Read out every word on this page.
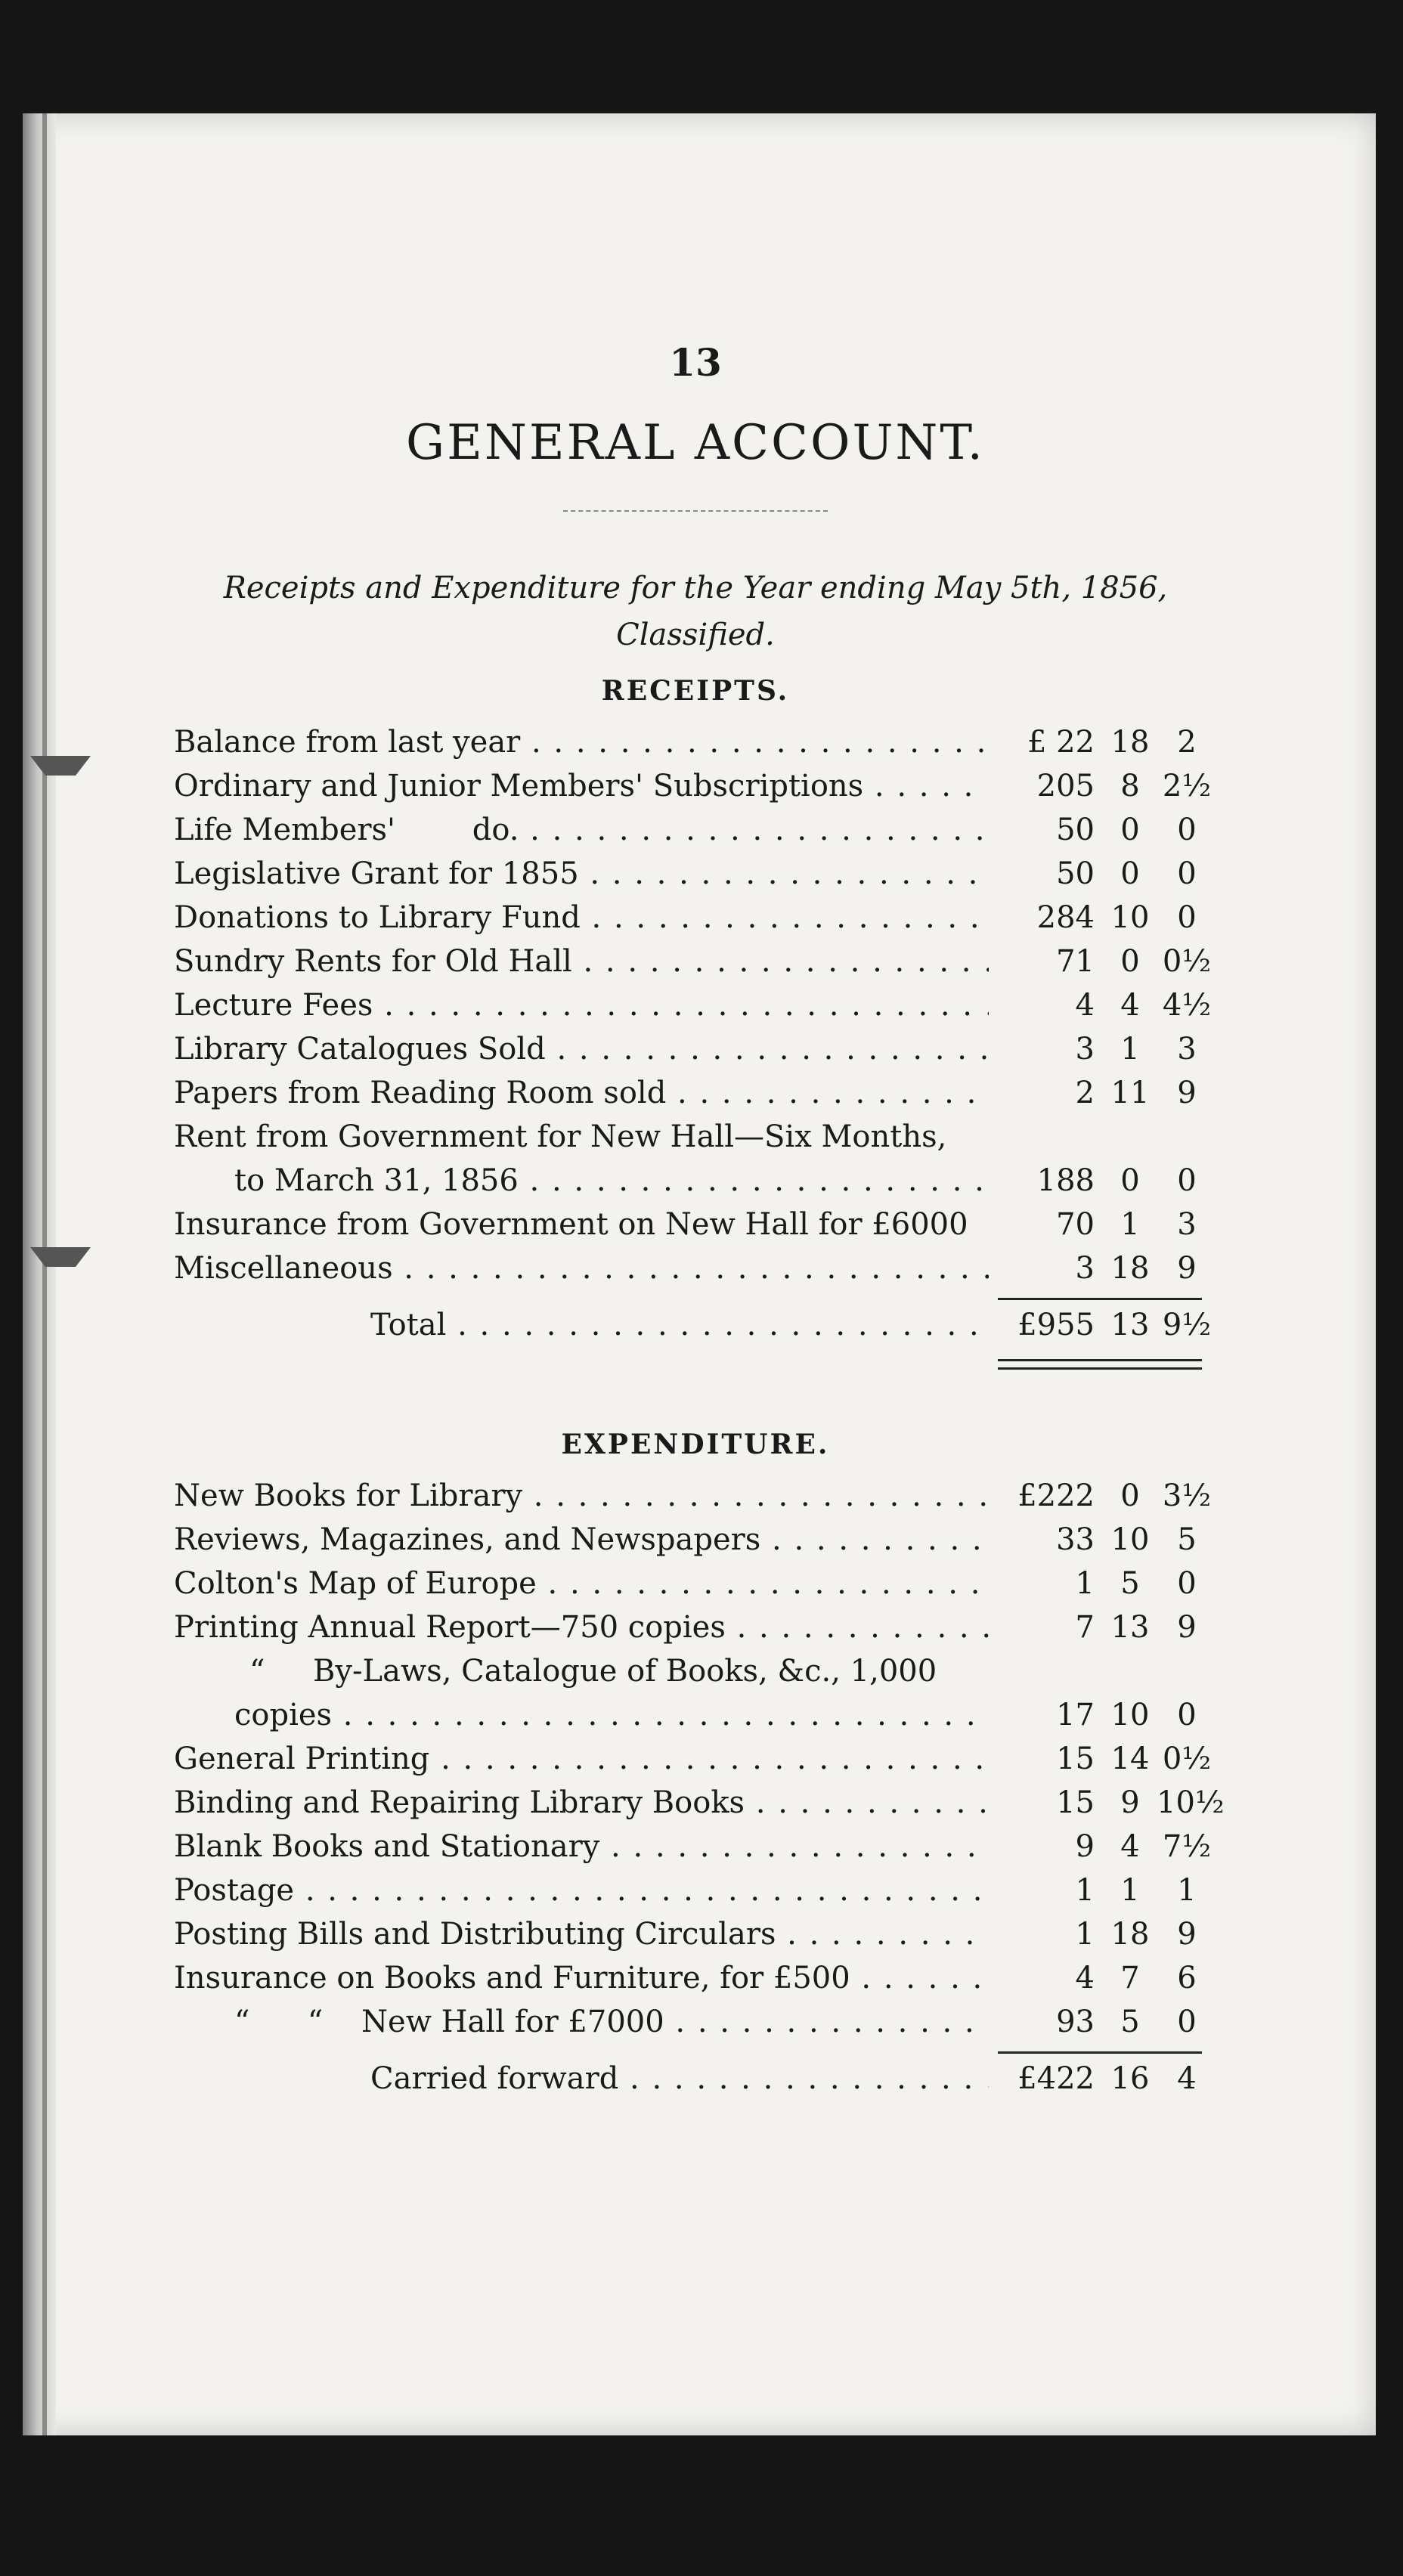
13
GENERAL ACCOUNT.
Receipts and Expenditure for the Year ending May 5th, 1856,
Classified.
RECEIPTS.
Balance from last year . . .	£ 22 18 2
Ordinary and Junior Members' Subscriptions . . .	205 8 2½
Life Members'        do. . . .	50 0	0
Legislative Grant for 1855 . . .	50 0	0
Donations to Library Fund . . .	284 10 0
Sundry Rents for Old Hall . . .	71 0 0½
Lecture Fees . . .	4 4 4½
Library Catalogues Sold . . .	3 1	3
Papers from Reading Room sold . . .	2 11 9
Rent from Government for New Hall—Six Months,
to March 31, 1856 . . .	188 0	0
Insurance from Government on New Hall for £6000	70 1	3
Miscellaneous . . .	3 18 9
Total . . .	£955 13 9½
EXPENDITURE.
New Books for Library . . .	£222 0 3½
Reviews, Magazines, and Newspapers . . .	33 10 5
Colton's Map of Europe . . .	1 5	0
Printing Annual Report—750 copies . . .	7 13 9
“     By-Laws, Catalogue of Books, &c., 1,000
copies . . .	17 10 0
General Printing . . .	15 14 0½
Binding and Repairing Library Books . . .	15 9 10½
Blank Books and Stationary . . .	9 4 7½
Postage . . .	1 1	1
Posting Bills and Distributing Circulars . . .	1 18 9
Insurance on Books and Furniture, for £500 . . .	4 7	6
“      “    New Hall for £7000 . . .	93 5	0
Carried forward . . .	£422 16 4
